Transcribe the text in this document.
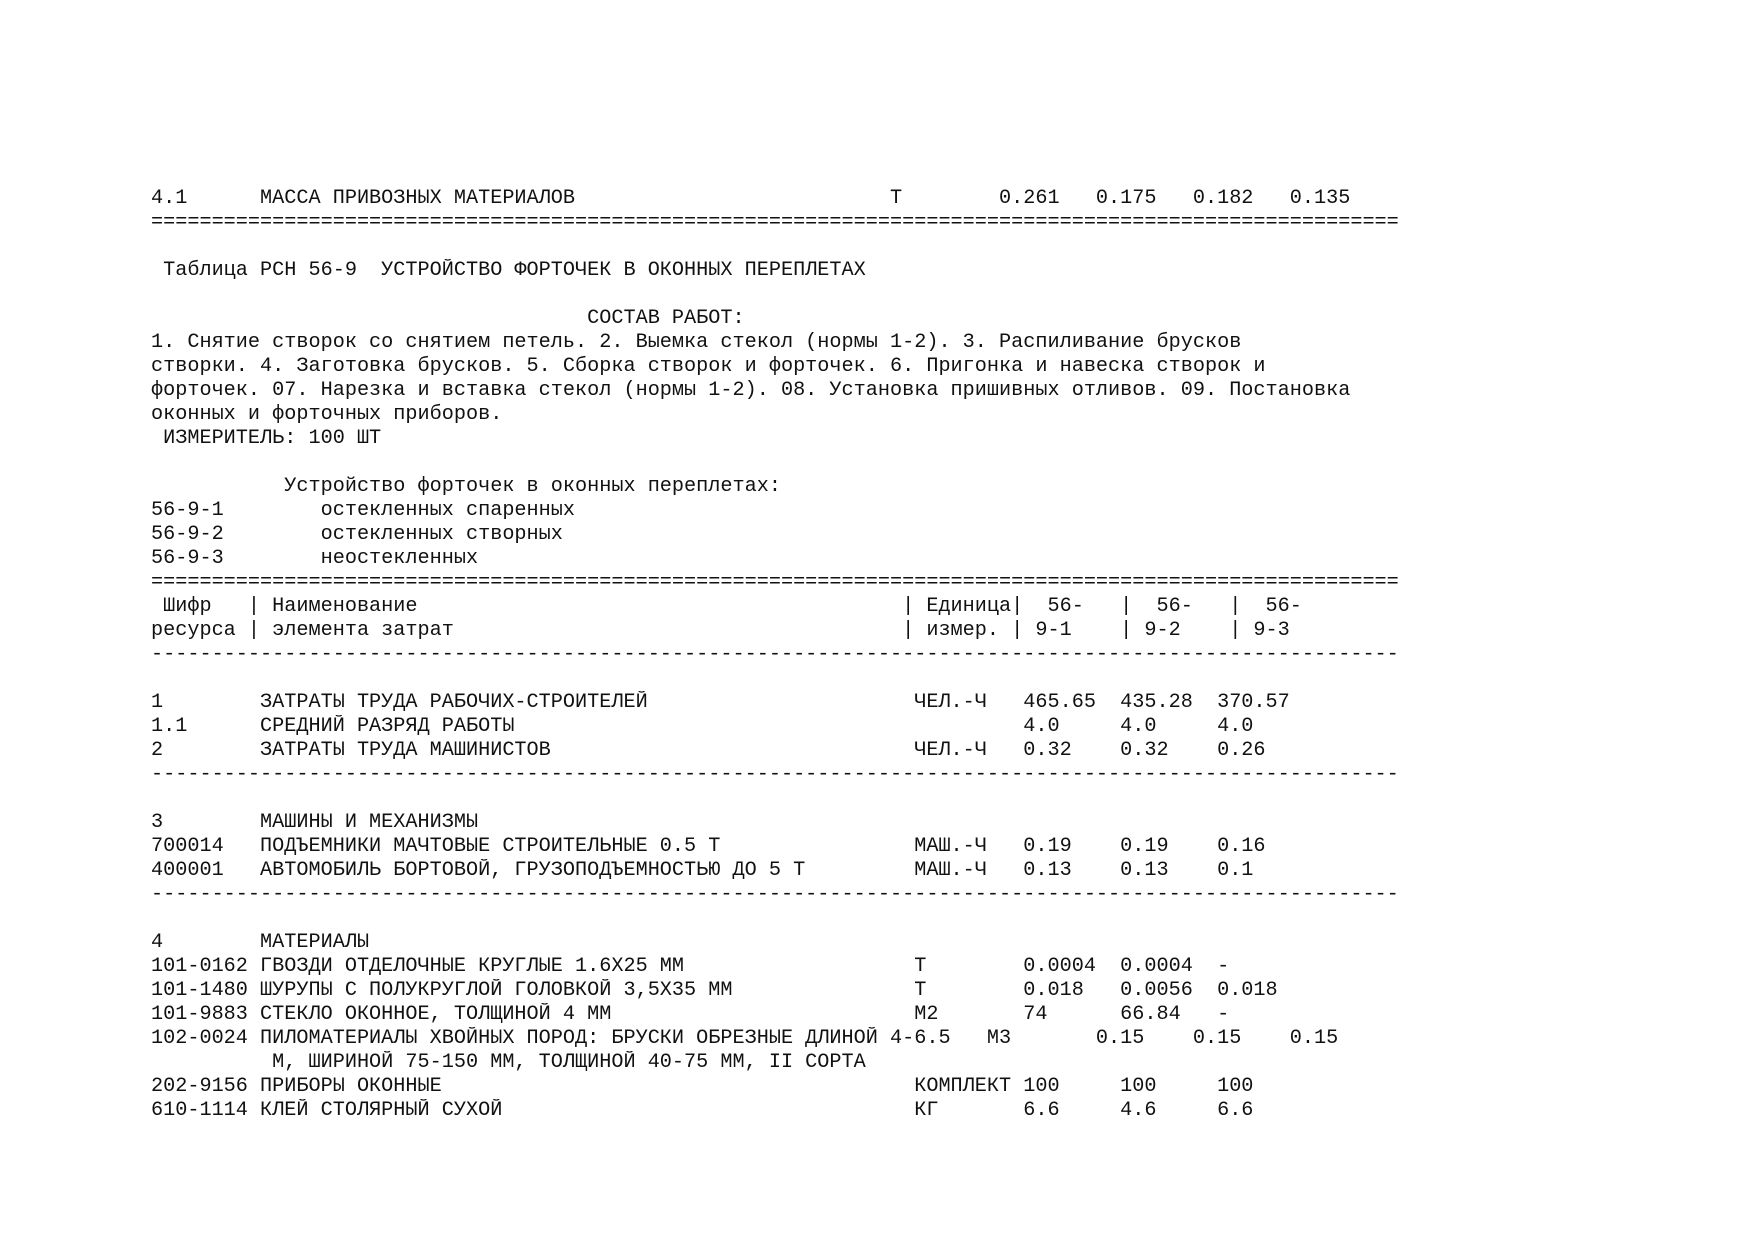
4.1      МАССА ПРИВОЗНЫХ МАТЕРИАЛОВ                          Т        0.261   0.175   0.182   0.135
=======================================================================================================
Таблица РСН 56-9  УСТРОЙСТВО ФОРТОЧЕК В ОКОННЫХ ПЕРЕПЛЕТАХ
СОСТАВ РАБОТ:
1. Снятие створок со снятием петель. 2. Выемка стекол (нормы 1-2). 3. Распиливание брусков
створки. 4. Заготовка брусков. 5. Сборка створок и форточек. 6. Пригонка и навеска створок и
форточек. 07. Нарезка и вставка стекол (нормы 1-2). 08. Установка пришивных отливов. 09. Постановка
оконных и форточных приборов.
ИЗМЕРИТЕЛЬ: 100 ШТ
Устройство форточек в оконных переплетах:
56-9-1        остекленных спаренных
56-9-2        остекленных створных
56-9-3        неостекленных
=======================================================================================================
Шифр   | Наименование                                        | Единица|  56-   |  56-   |  56-
ресурса | элемента затрат                                     | измер. | 9-1    | 9-2    | 9-3
-------------------------------------------------------------------------------------------------------
1        ЗАТРАТЫ ТРУДА РАБОЧИХ-СТРОИТЕЛЕЙ                      ЧЕЛ.-Ч   465.65  435.28  370.57
1.1      СРЕДНИЙ РАЗРЯД РАБОТЫ                                          4.0     4.0     4.0
2        ЗАТРАТЫ ТРУДА МАШИНИСТОВ                              ЧЕЛ.-Ч   0.32    0.32    0.26
-------------------------------------------------------------------------------------------------------
3        МАШИНЫ И МЕХАНИЗМЫ
700014   ПОДЪЕМНИКИ МАЧТОВЫЕ СТРОИТЕЛЬНЫЕ 0.5 Т                МАШ.-Ч   0.19    0.19    0.16
400001   АВТОМОБИЛЬ БОРТОВОЙ, ГРУЗОПОДЪЕМНОСТЬЮ ДО 5 Т         МАШ.-Ч   0.13    0.13    0.1
-------------------------------------------------------------------------------------------------------
4        МАТЕРИАЛЫ
101-0162 ГВОЗДИ ОТДЕЛОЧНЫЕ КРУГЛЫЕ 1.6Х25 ММ                   Т        0.0004  0.0004  -
101-1480 ШУРУПЫ С ПОЛУКРУГЛОЙ ГОЛОВКОЙ 3,5Х35 ММ               Т        0.018   0.0056  0.018
101-9883 СТЕКЛО ОКОННОЕ, ТОЛЩИНОЙ 4 ММ                         М2       74      66.84   -
102-0024 ПИЛОМАТЕРИАЛЫ ХВОЙНЫХ ПОРОД: БРУСКИ ОБРЕЗНЫЕ ДЛИНОЙ 4-6.5   М3       0.15    0.15    0.15
М, ШИРИНОЙ 75-150 ММ, ТОЛЩИНОЙ 40-75 ММ, II СОРТА
202-9156 ПРИБОРЫ ОКОННЫЕ                                       КОМПЛЕКТ 100     100     100
610-1114 КЛЕЙ СТОЛЯРНЫЙ СУХОЙ                                  КГ       6.6     4.6     6.6
